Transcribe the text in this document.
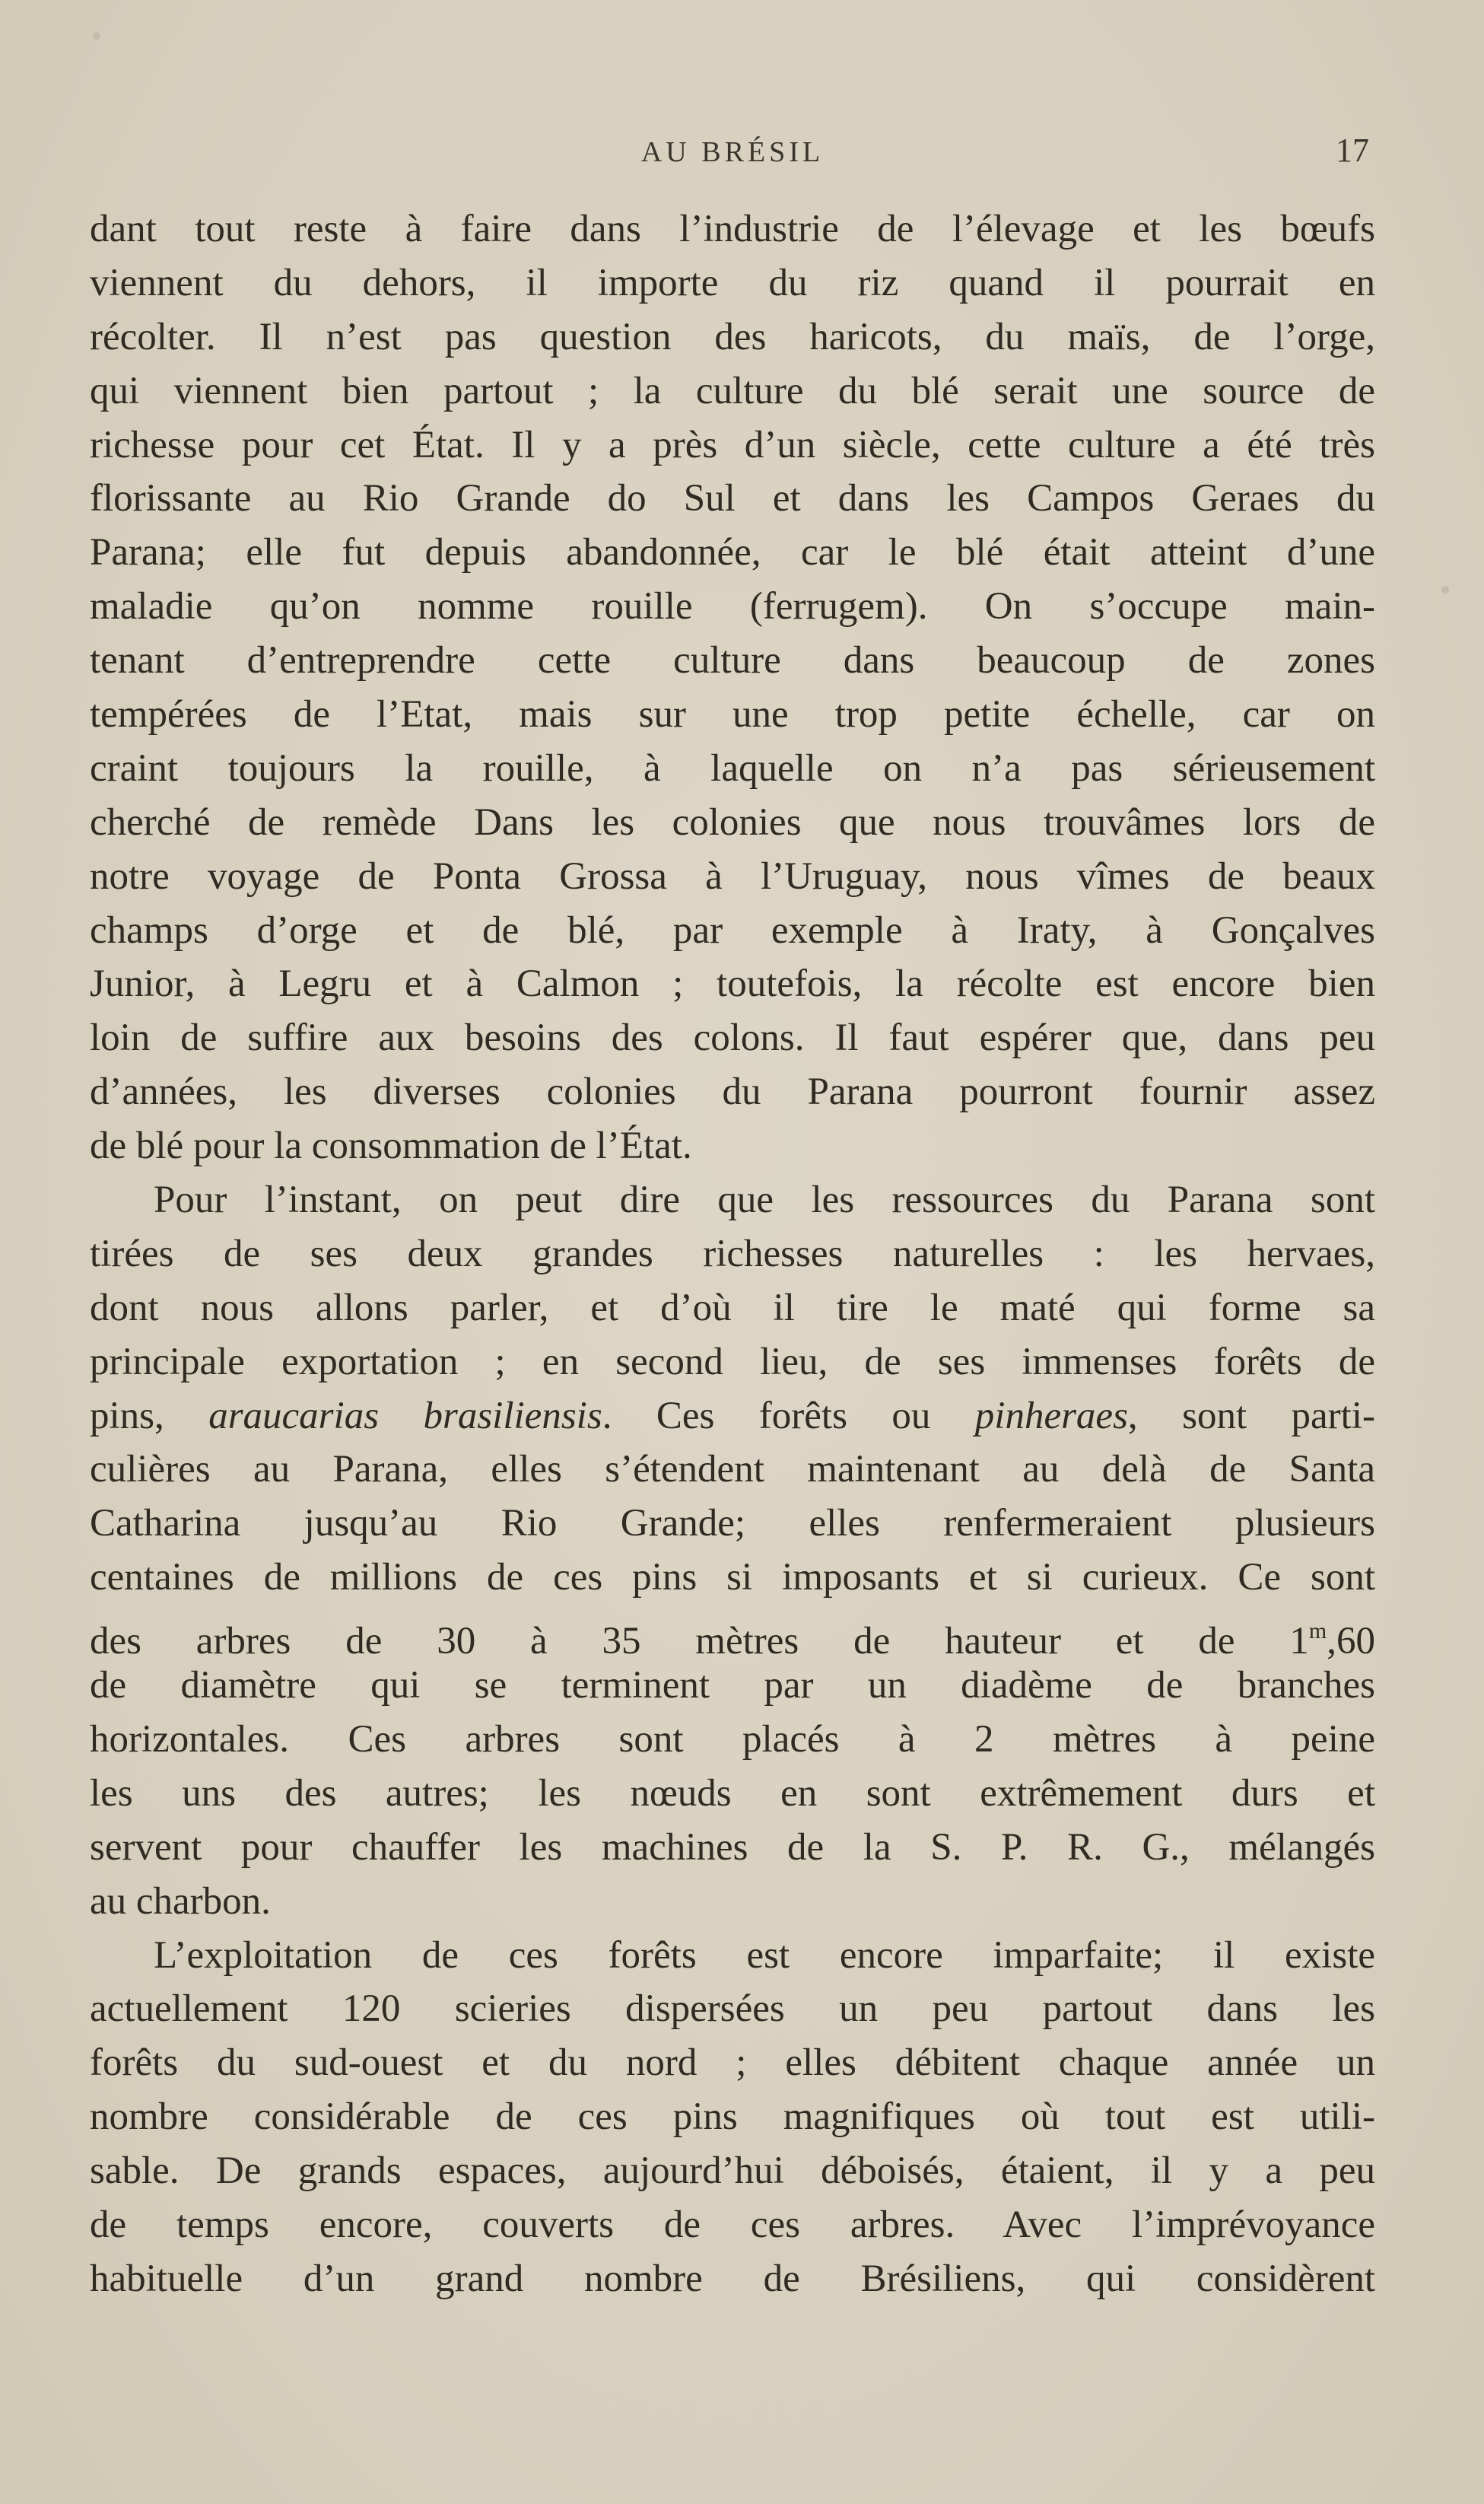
AU BRÉSIL	17
dant tout reste à faire dans l’industrie de l’élevage et les bœufs
viennent du dehors, il importe du riz quand il pourrait en
récolter. Il n’est pas question des haricots, du maïs, de l’orge,
qui viennent bien partout ; la culture du blé serait une source de
richesse pour cet État. Il y a près d’un siècle, cette culture a été très
florissante au Rio Grande do Sul et dans les Campos Geraes du
Parana; elle fut depuis abandonnée, car le blé était atteint d’une
maladie qu’on nomme rouille (ferrugem). On s’occupe main-
tenant d’entreprendre cette culture dans beaucoup de zones
tempérées de l’Etat, mais sur une trop petite échelle, car on
craint toujours la rouille, à laquelle on n’a pas sérieusement
cherché de remède Dans les colonies que nous trouvâmes lors de
notre voyage de Ponta Grossa à l’Uruguay, nous vîmes de beaux
champs d’orge et de blé, par exemple à Iraty, à Gonçalves
Junior, à Legru et à Calmon ; toutefois, la récolte est encore bien
loin de suffire aux besoins des colons. Il faut espérer que, dans peu
d’années, les diverses colonies du Parana pourront fournir assez
de blé pour la consommation de l’État.
Pour l’instant, on peut dire que les ressources du Parana sont
tirées de ses deux grandes richesses naturelles : les hervaes,
dont nous allons parler, et d’où il tire le maté qui forme sa
principale exportation ; en second lieu, de ses immenses forêts de
pins, araucarias brasiliensis. Ces forêts ou pinheraes, sont parti-
culières au Parana, elles s’étendent maintenant au delà de Santa
Catharina jusqu’au Rio Grande; elles renfermeraient plusieurs
centaines de millions de ces pins si imposants et si curieux. Ce sont
des arbres de 30 à 35 mètres de hauteur et de 1$^m$,60
de diamètre qui se terminent par un diadème de branches
horizontales. Ces arbres sont placés à 2 mètres à peine
les uns des autres; les nœuds en sont extrêmement durs et
servent pour chauffer les machines de la S. P. R. G., mélangés
au charbon.
L’exploitation de ces forêts est encore imparfaite; il existe
actuellement 120 scieries dispersées un peu partout dans les
forêts du sud-ouest et du nord ; elles débitent chaque année un
nombre considérable de ces pins magnifiques où tout est utili-
sable. De grands espaces, aujourd’hui déboisés, étaient, il y a peu
de temps encore, couverts de ces arbres. Avec l’imprévoyance
habituelle d’un grand nombre de Brésiliens, qui considèrent
